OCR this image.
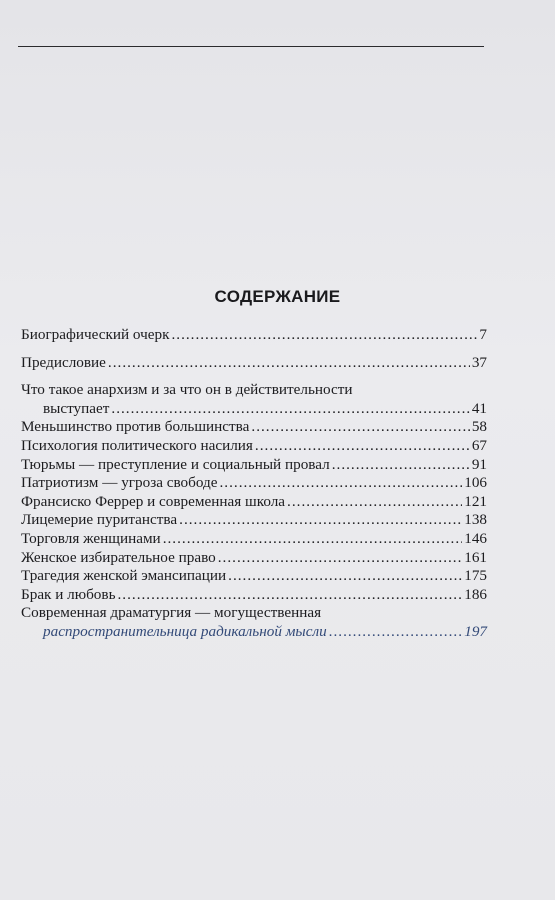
СОДЕРЖАНИЕ
Биографический очерк .....	7
Предисловие .....	37
Что такое анархизм и за что он в действительности
выступает .....	41
Меньшинство против большинства .....	58
Психология политического насилия .....	67
Тюрьмы — преступление и социальный провал .....	91
Патриотизм — угроза свободе .....	106
Франсиско Феррер и современная школа .....	121
Лицемерие пуританства .....	138
Торговля женщинами .....	146
Женское избирательное право .....	161
Трагедия женской эмансипации .....	175
Брак и любовь .....	186
Современная драматургия — могущественная
распространительница радикальной мысли .....	197
